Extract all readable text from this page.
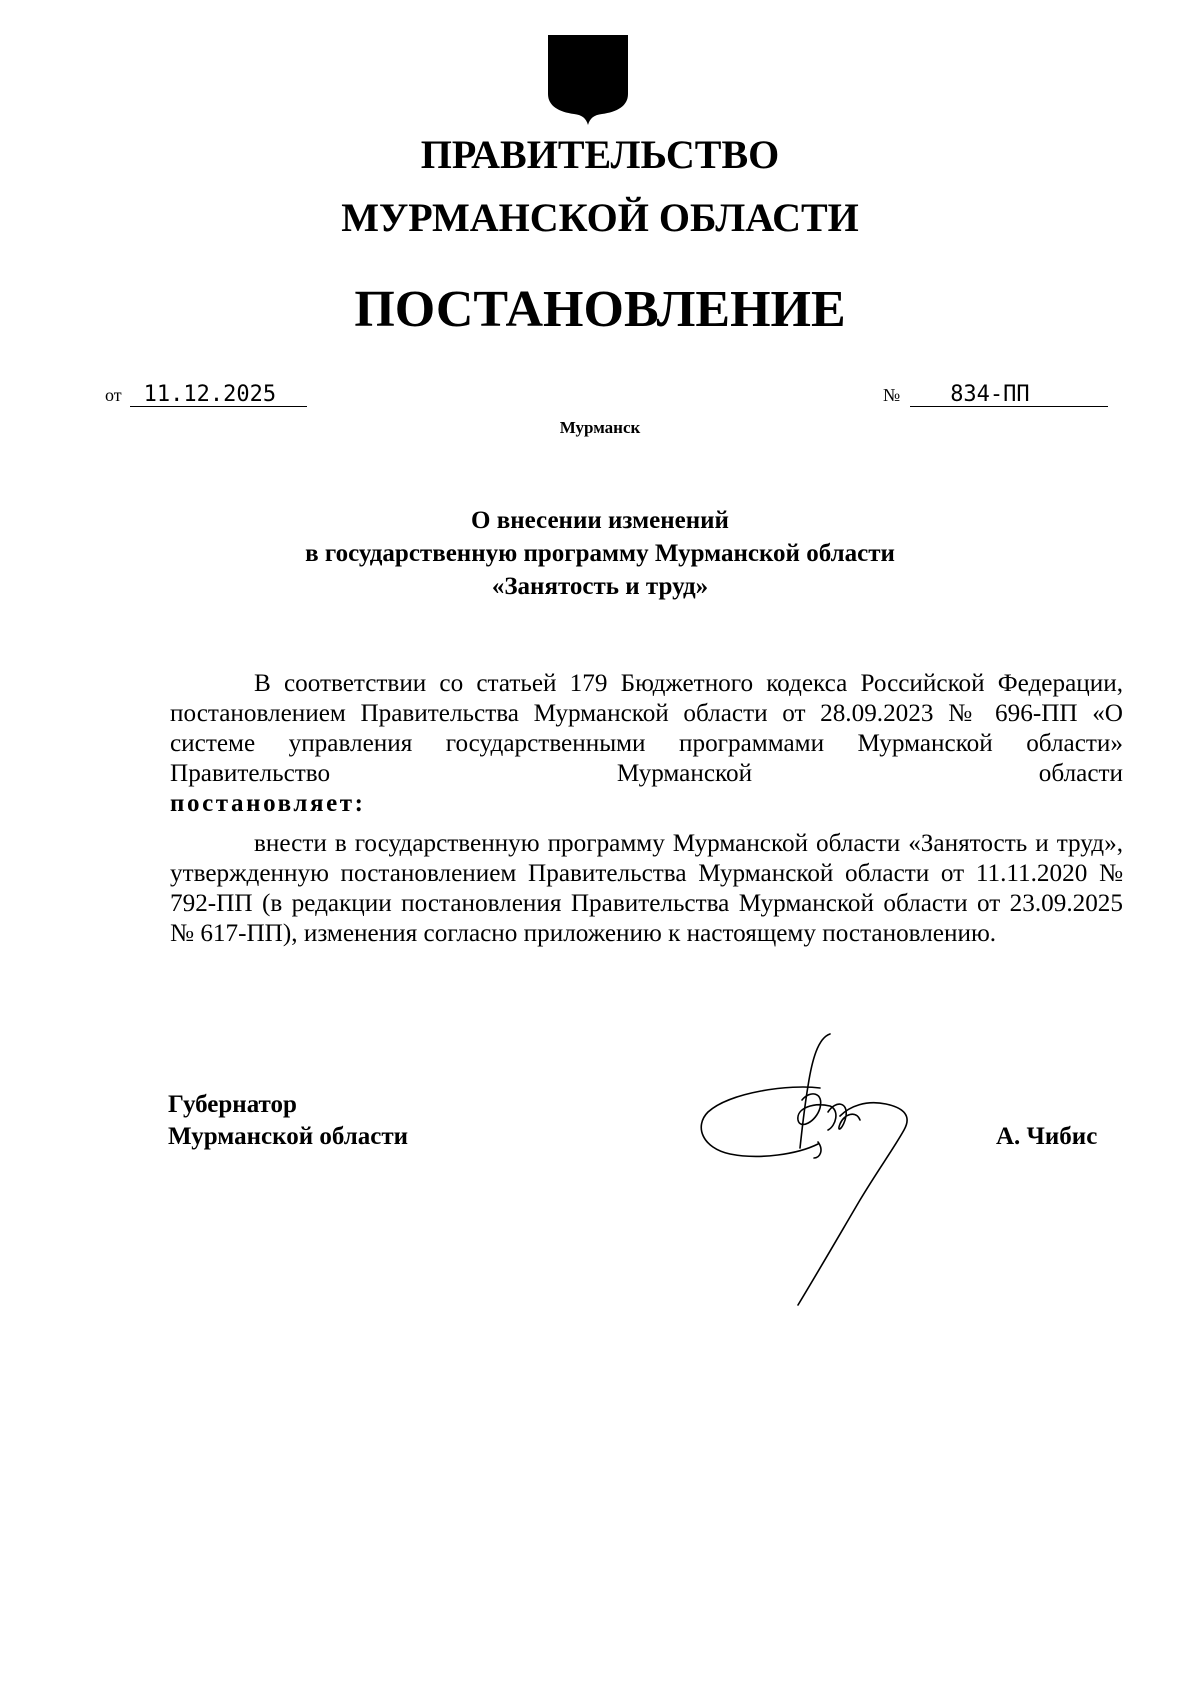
ПРАВИТЕЛЬСТВО
МУРМАНСКОЙ ОБЛАСТИ
ПОСТАНОВЛЕНИЕ
от 11.12.2025	№ 834-ПП
Мурманск
О внесении изменений
в государственную программу Мурманской области
«Занятость и труд»
В соответствии со статьей 179 Бюджетного кодекса Российской Федерации, постановлением Правительства Мурманской области от 28.09.2023 № 696-ПП «О системе управления государственными программами Мурманской области» Правительство Мурманской области
постановляет:
внести в государственную программу Мурманской области «Занятость и труд», утвержденную постановлением Правительства Мурманской области от 11.11.2020 № 792-ПП (в редакции постановления Правительства Мурманской области от 23.09.2025 № 617-ПП), изменения согласно приложению к настоящему постановлению.
Губернатор
Мурманской области	А. Чибис
